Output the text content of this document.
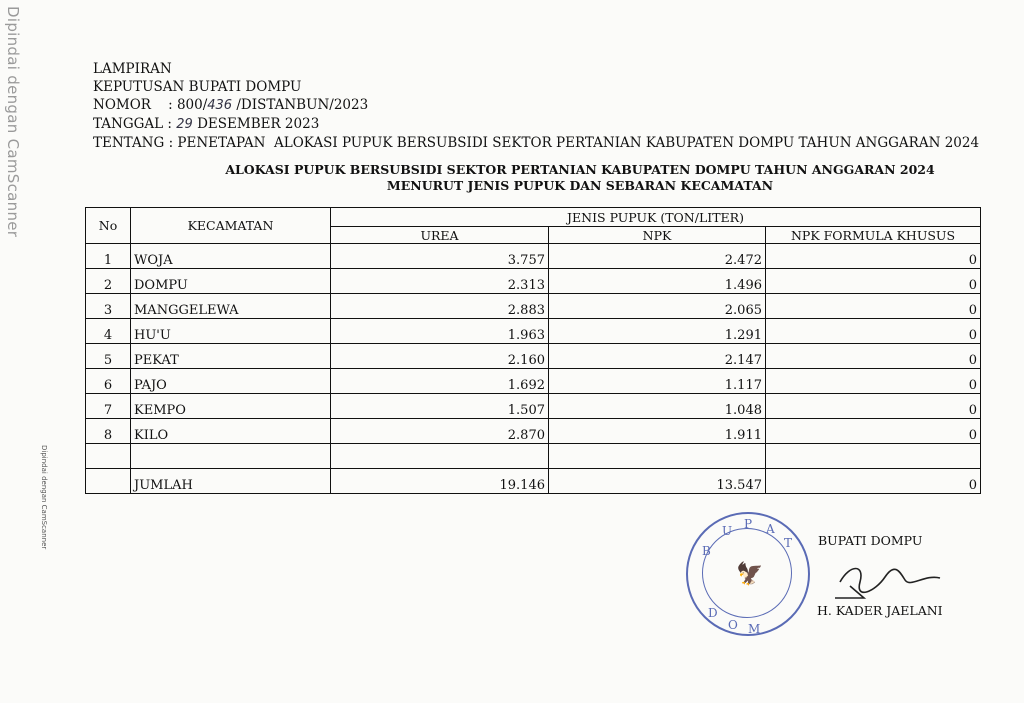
Dipindai dengan CamScanner
Dipindai dengan CamScanner
LAMPIRAN
KEPUTUSAN BUPATI DOMPU
NOMOR    : 800/436 /DISTANBUN/2023
TANGGAL : 29 DESEMBER 2023
TENTANG : PENETAPAN  ALOKASI PUPUK BERSUBSIDI SEKTOR PERTANIAN KABUPATEN DOMPU TAHUN ANGGARAN 2024
ALOKASI PUPUK BERSUBSIDI SEKTOR PERTANIAN KABUPATEN DOMPU TAHUN ANGGARAN 2024
MENURUT JENIS PUPUK DAN SEBARAN KECAMATAN
No	KECAMATAN	JENIS PUPUK (TON/LITER)		
		UREA	NPK	NPK FORMULA KHUSUS
1	WOJA	3.757	2.472	0
2	DOMPU	2.313	1.496	0
3	MANGGELEWA	2.883	2.065	0
4	HU'U	1.963	1.291	0
5	PEKAT	2.160	2.147	0
6	PAJO	1.692	1.117	0
7	KEMPO	1.507	1.048	0
8	KILO	2.870	1.911	0

	JUMLAH	19.146	13.547	0
B
U P A
T
D
O M
🦅
BUPATI DOMPU
H. KADER JAELANI
